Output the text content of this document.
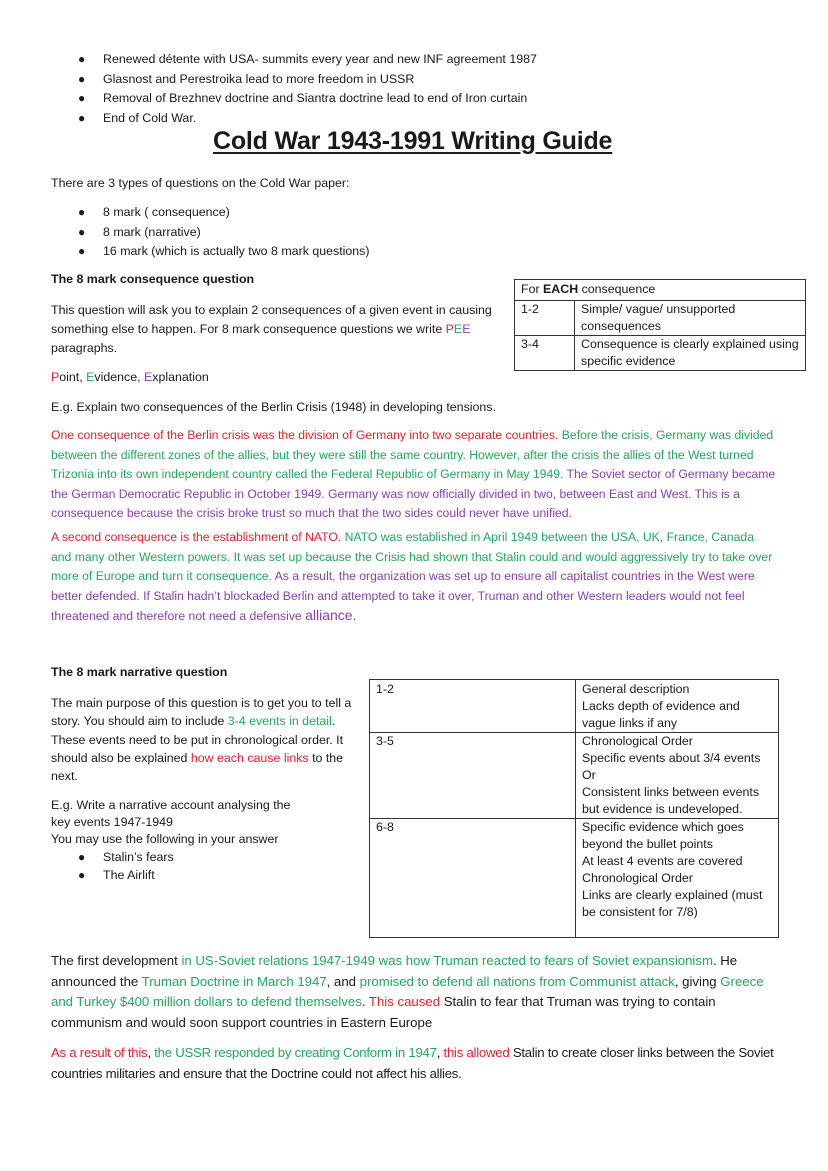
● Renewed détente with USA- summits every year and new INF agreement 1987
● Glasnost and Perestroika lead to more freedom in USSR
● Removal of Brezhnev doctrine and Siantra doctrine lead to end of Iron curtain
● End of Cold War.
Cold War 1943-1991 Writing Guide
There are 3 types of questions on the Cold War paper:
● 8 mark ( consequence)
● 8 mark (narrative)
● 16 mark (which is actually two 8 mark questions)
The 8 mark consequence question
This question will ask you to explain 2 consequences of a given event in causing something else to happen. For 8 mark consequence questions we write PEE paragraphs.
Point, Evidence, Explanation
E.g. Explain two consequences of the Berlin Crisis (1948) in developing tensions.
For EACH consequence	
1-2	Simple/ vague/ unsupported consequences
3-4	Consequence is clearly explained using specific evidence
One consequence of the Berlin crisis was the division of Germany into two separate countries. Before the crisis, Germany was divided between the different zones of the allies, but they were still the same country. However, after the crisis the allies of the West turned Trizonia into its own independent country called the Federal Republic of Germany in May 1949. The Soviet sector of Germany became the German Democratic Republic in October 1949. Germany was now officially divided in two, between East and West. This is a consequence because the crisis broke trust so much that the two sides could never have unified.
A second consequence is the establishment of NATO. NATO was established in April 1949 between the USA, UK, France, Canada and many other Western powers. It was set up because the Crisis had shown that Stalin could and would aggressively try to take over more of Europe and turn it consequence. As a result, the organization was set up to ensure all capitalist countries in the West were better defended. If Stalin hadn’t blockaded Berlin and attempted to take it over, Truman and other Western leaders would not feel threatened and therefore not need a defensive alliance.
The 8 mark narrative question
The main purpose of this question is to get you to tell a story. You should aim to include 3-4 events in detail. These events need to be put in chronological order. It should also be explained how each cause links to the next.
E.g. Write a narrative account analysing the key events 1947-1949
You may use the following in your answer
● Stalin’s fears
● The Airlift
1-2	General description
Lacks depth of evidence and
vague links if any

3-5	Chronological Order
Specific events about 3/4 events
Or
Consistent links between events
but evidence is undeveloped.

6-8	Specific evidence which goes
beyond the bullet points
At least 4 events are covered
Chronological Order
Links are clearly explained (must
be consistent for 7/8)
The first development in US-Soviet relations 1947-1949 was how Truman reacted to fears of Soviet expansionism. He announced the Truman Doctrine in March 1947, and promised to defend all nations from Communist attack, giving Greece and Turkey $400 million dollars to defend themselves. This caused Stalin to fear that Truman was trying to contain communism and would soon support countries in Eastern Europe
As a result of this, the USSR responded by creating Conform in 1947, this allowed Stalin to create closer links between the Soviet countries militaries and ensure that the Doctrine could not affect his allies.
